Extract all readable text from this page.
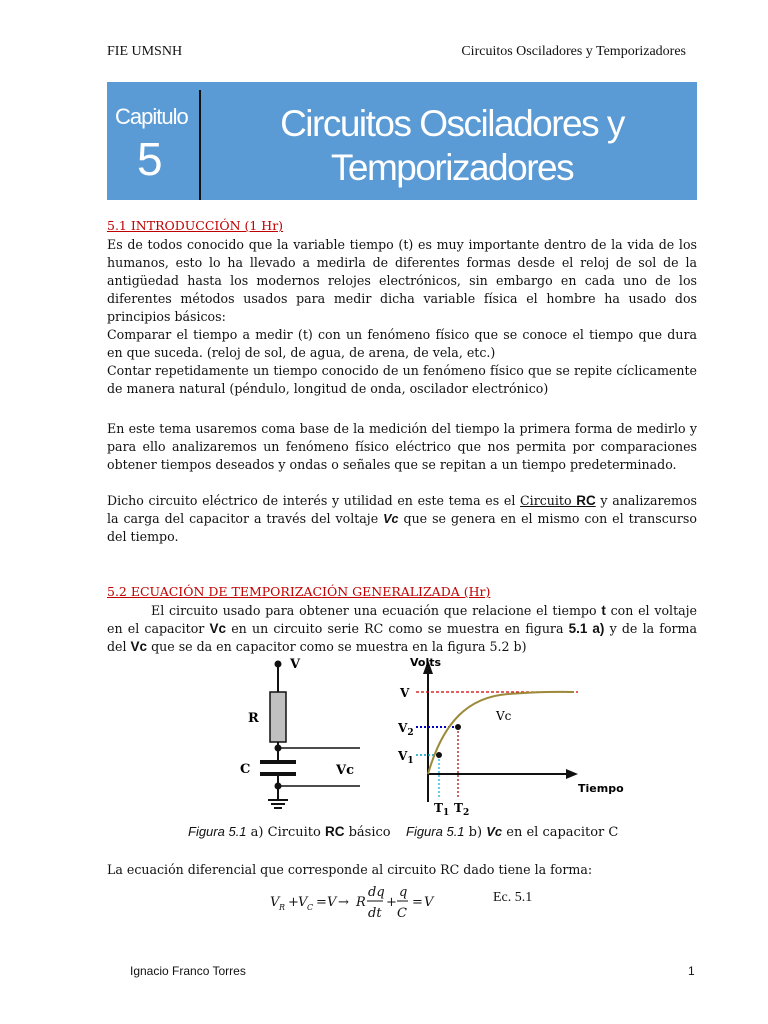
FIE UMSNH	Circuitos Osciladores y Temporizadores
Capitulo
5
Circuitos Osciladores y
Temporizadores
5.1 INTRODUCCIÓN (1 Hr)
Es de todos conocido que la variable tiempo (t) es muy importante dentro de la vida de los humanos, esto lo ha llevado a medirla de diferentes formas desde el reloj de sol de la antigüedad hasta los modernos relojes electrónicos, sin embargo en cada uno de los diferentes métodos usados para medir dicha variable física el hombre ha usado dos principios básicos:
Comparar el tiempo a medir (t) con un fenómeno físico que se conoce el tiempo que dura en que suceda. (reloj de sol, de agua, de arena, de vela, etc.)
Contar repetidamente un tiempo conocido de un fenómeno físico que se repite cíclicamente de manera natural (péndulo, longitud de onda, oscilador electrónico)
En este tema usaremos coma base de la medición del tiempo la primera forma de medirlo y para ello analizaremos un fenómeno físico eléctrico que nos permita por comparaciones obtener tiempos deseados y ondas o señales que se repitan a un tiempo predeterminado.
Dicho circuito eléctrico de interés y utilidad en este tema es el Circuito RC y analizaremos la carga del capacitor a través del voltaje Vc que se genera en el mismo con el transcurso del tiempo.
5.2 ECUACIÓN DE TEMPORIZACIÓN GENERALIZADA (Hr)
El circuito usado para obtener una ecuación que relacione el tiempo t con el voltaje en el capacitor Vc en un circuito serie RC como se muestra en figura 5.1 a) y de la forma del Vc que se da en capacitor como se muestra en la figura 5.2 b)
V
R
C	Vc
Volts
Tiempo
V
$V_2$
$V_1$
$T_1$ $T_2$
Vc
Figura 5.1 a) Circuito RC básico Figura 5.1 b) Vc en el capacitor C
La ecuación diferencial que corresponde al circuito RC dado tiene la forma:
V R + V C = V → R
dq
dt
+
q
C
= V	Ec. 5.1
Ignacio Franco Torres	1
